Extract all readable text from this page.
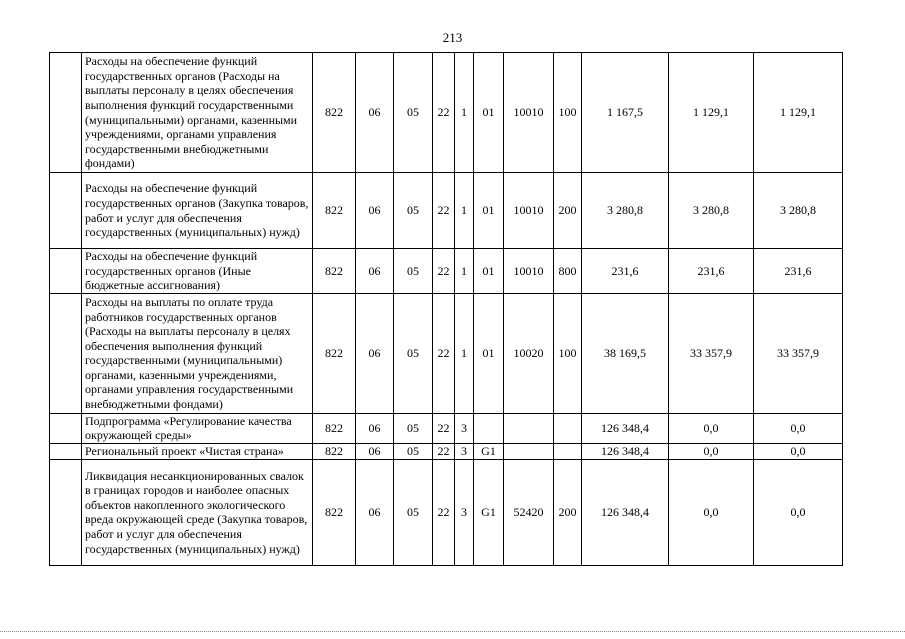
213
	Расходы на обеспечение функций государственных органов (Расходы на выплаты персоналу в целях обеспечения выполнения функций государственными (муниципальными) органами, казенными учреждениями, органами управления государственными внебюджетными фондами)	822	06	05	22	1	01	10010	100	1 167,5	1 129,1	1 129,1
	Расходы на обеспечение функций государственных органов (Закупка товаров, работ и услуг для обеспечения государственных (муниципальных) нужд)	822	06	05	22	1	01	10010	200	3 280,8	3 280,8	3 280,8
	Расходы на обеспечение функций государственных органов (Иные бюджетные ассигнования)	822	06	05	22	1	01	10010	800	231,6	231,6	231,6
	Расходы на выплаты по оплате труда работников государственных органов (Расходы на выплаты персоналу в целях обеспечения выполнения функций государственными (муниципальными) органами, казенными учреждениями, органами управления государственными внебюджетными фондами)	822	06	05	22	1	01	10020	100	38 169,5	33 357,9	33 357,9
	Подпрограмма «Регулирование качества окружающей среды»	822	06	05	22	3				126 348,4	0,0	0,0
	Региональный проект «Чистая страна»	822	06	05	22	3	G1			126 348,4	0,0	0,0
	Ликвидация несанкционированных свалок в границах городов и наиболее опасных объектов накопленного экологического вреда окружающей среде (Закупка товаров, работ и услуг для обеспечения государственных (муниципальных) нужд)	822	06	05	22	3	G1	52420	200	126 348,4	0,0	0,0
